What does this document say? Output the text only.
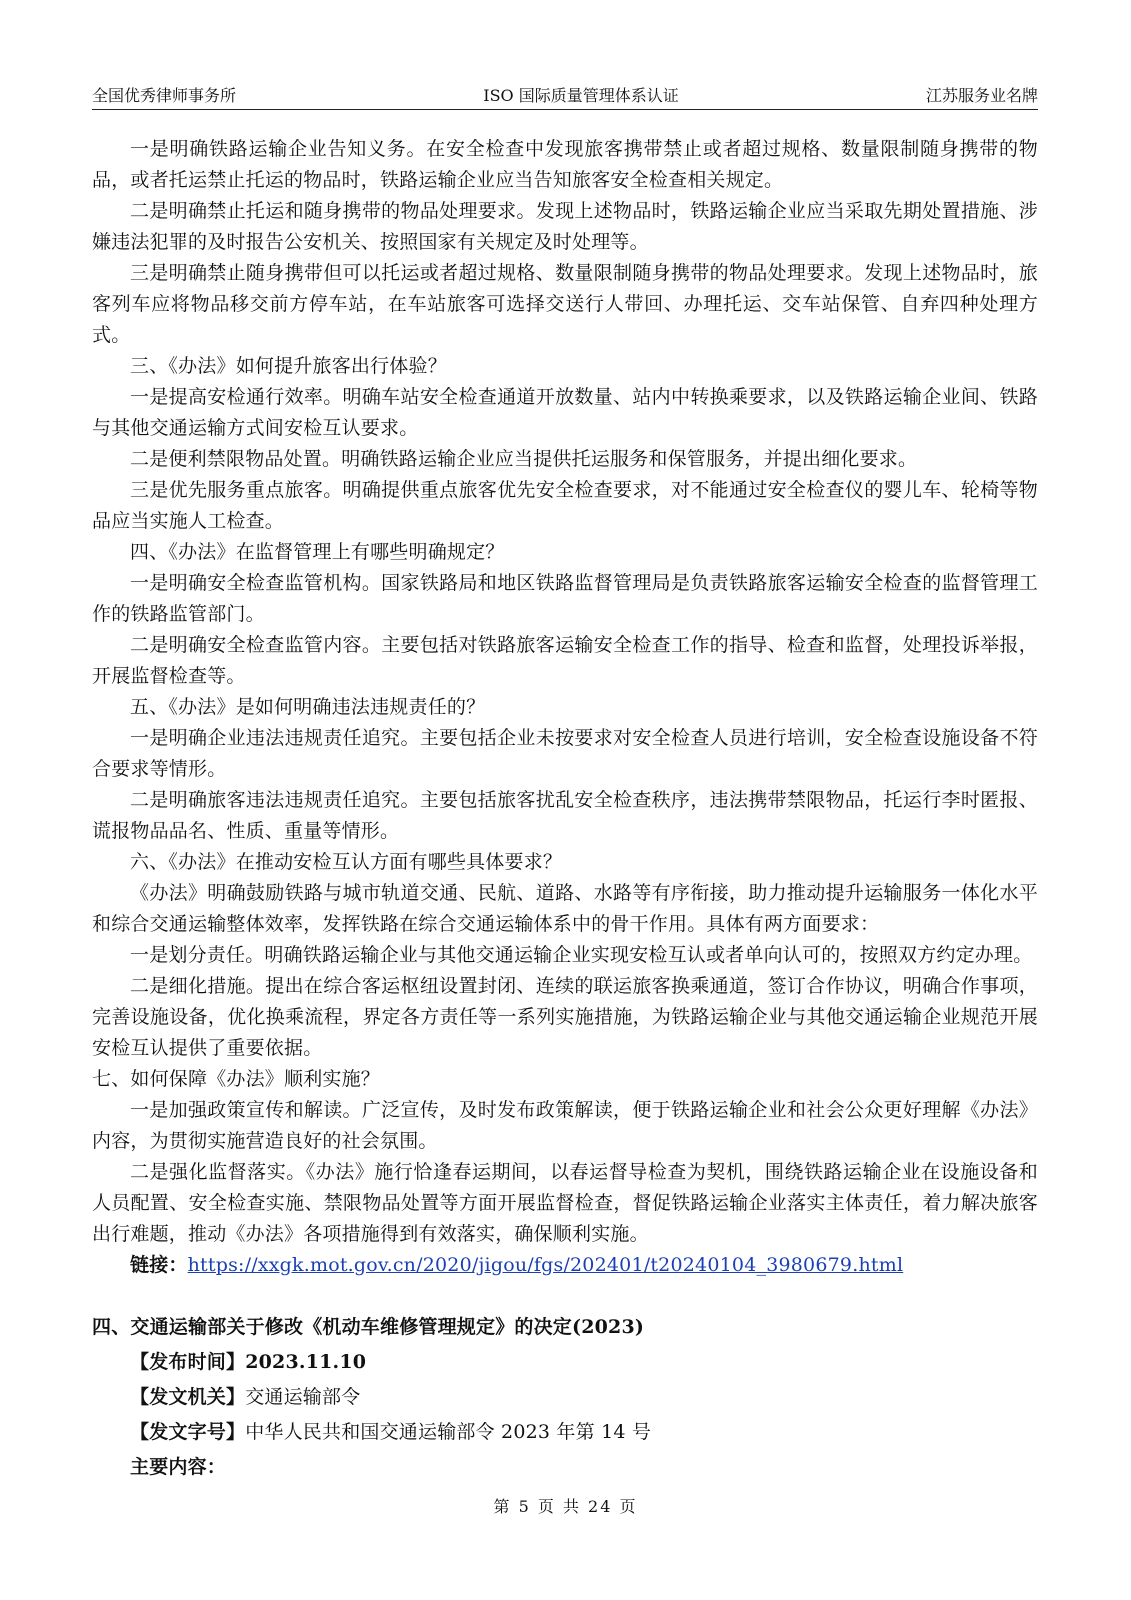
全国优秀律师事务所	ISO 国际质量管理体系认证	江苏服务业名牌

一是明确铁路运输企业告知义务。在安全检查中发现旅客携带禁止或者超过规格、数量限制随身携带的物品，或者托运禁止托运的物品时，铁路运输企业应当告知旅客安全检查相关规定。

二是明确禁止托运和随身携带的物品处理要求。发现上述物品时，铁路运输企业应当采取先期处置措施、涉嫌违法犯罪的及时报告公安机关、按照国家有关规定及时处理等。

三是明确禁止随身携带但可以托运或者超过规格、数量限制随身携带的物品处理要求。发现上述物品时，旅客列车应将物品移交前方停车站，在车站旅客可选择交送行人带回、办理托运、交车站保管、自弃四种处理方式。

三、《办法》如何提升旅客出行体验？

一是提高安检通行效率。明确车站安全检查通道开放数量、站内中转换乘要求，以及铁路运输企业间、铁路与其他交通运输方式间安检互认要求。

二是便利禁限物品处置。明确铁路运输企业应当提供托运服务和保管服务，并提出细化要求。

三是优先服务重点旅客。明确提供重点旅客优先安全检查要求，对不能通过安全检查仪的婴儿车、轮椅等物品应当实施人工检查。

四、《办法》在监督管理上有哪些明确规定？

一是明确安全检查监管机构。国家铁路局和地区铁路监督管理局是负责铁路旅客运输安全检查的监督管理工作的铁路监管部门。

二是明确安全检查监管内容。主要包括对铁路旅客运输安全检查工作的指导、检查和监督，处理投诉举报，开展监督检查等。

五、《办法》是如何明确违法违规责任的？

一是明确企业违法违规责任追究。主要包括企业未按要求对安全检查人员进行培训，安全检查设施设备不符合要求等情形。

二是明确旅客违法违规责任追究。主要包括旅客扰乱安全检查秩序，违法携带禁限物品，托运行李时匿报、谎报物品品名、性质、重量等情形。

六、《办法》在推动安检互认方面有哪些具体要求？

《办法》明确鼓励铁路与城市轨道交通、民航、道路、水路等有序衔接，助力推动提升运输服务一体化水平和综合交通运输整体效率，发挥铁路在综合交通运输体系中的骨干作用。具体有两方面要求：

一是划分责任。明确铁路运输企业与其他交通运输企业实现安检互认或者单向认可的，按照双方约定办理。

二是细化措施。提出在综合客运枢纽设置封闭、连续的联运旅客换乘通道，签订合作协议，明确合作事项，完善设施设备，优化换乘流程，界定各方责任等一系列实施措施，为铁路运输企业与其他交通运输企业规范开展安检互认提供了重要依据。

七、如何保障《办法》顺利实施？

一是加强政策宣传和解读。广泛宣传，及时发布政策解读，便于铁路运输企业和社会公众更好理解《办法》内容，为贯彻实施营造良好的社会氛围。

二是强化监督落实。《办法》施行恰逢春运期间，以春运督导检查为契机，围绕铁路运输企业在设施设备和人员配置、安全检查实施、禁限物品处置等方面开展监督检查，督促铁路运输企业落实主体责任，着力解决旅客出行难题，推动《办法》各项措施得到有效落实，确保顺利实施。

链接：https://xxgk.mot.gov.cn/2020/jigou/fgs/202401/t20240104_3980679.html

四、交通运输部关于修改《机动车维修管理规定》的决定(2023)

【发布时间】2023.11.10

【发文机关】交通运输部令

【发文字号】中华人民共和国交通运输部令 2023 年第 14 号

主要内容：

第 5 页 共 24 页
